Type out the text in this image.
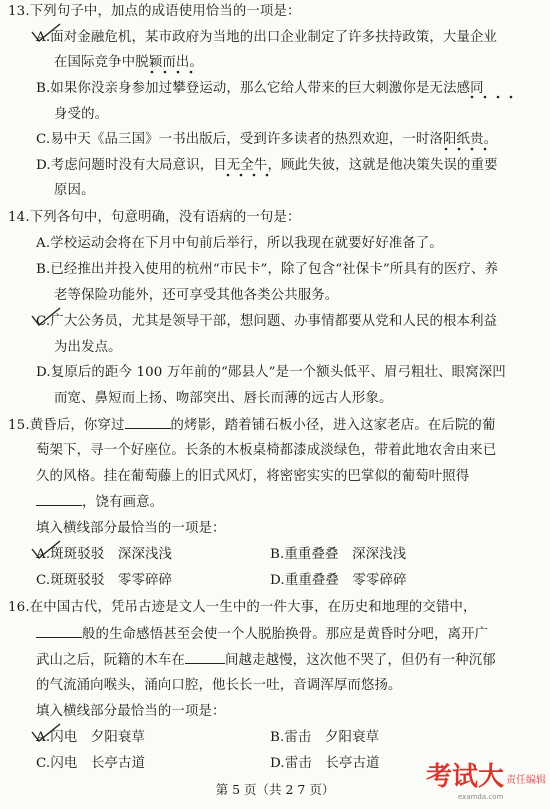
13.下列句子中，加点的成语使用恰当的一项是：
A.面对金融危机，某市政府为当地的出口企业制定了许多扶持政策，大量企业
在国际竞争中脱颖而出。
B.如果你没亲身参加过攀登运动，那么它给人带来的巨大刺激你是无法感同
身受的。
C.易中天《品三国》一书出版后，受到许多读者的热烈欢迎，一时洛阳纸贵。
D.考虑问题时没有大局意识，目无全牛，顾此失彼，这就是他决策失误的重要
原因。
14.下列各句中，句意明确，没有语病的一句是：
A.学校运动会将在下月中旬前后举行，所以我现在就要好好准备了。
B.已经推出并投入使用的杭州“市民卡”，除了包含“社保卡”所具有的医疗、养
老等保险功能外，还可享受其他各类公共服务。
C.广大公务员，尤其是领导干部，想问题、办事情都要从党和人民的根本利益
为出发点。
D.复原后的距今 100 万年前的“郧县人”是一个额头低平、眉弓粗壮、眼窝深凹
而宽、鼻短而上扬、吻部突出、唇长而薄的远古人形象。
15.黄昏后，你穿过	的烤影，踏着铺石板小径，进入这家老店。在后院的葡
萄架下，寻一个好座位。长条的木板桌椅都漆成淡绿色，带着此地农舍由来已
久的风格。挂在葡萄藤上的旧式风灯，将密密实实的巴掌似的葡萄叶照得
，饶有画意。
填入横线部分最恰当的一项是：
A.斑斑驳驳　深深浅浅	B.重重叠叠　深深浅浅
C.斑斑驳驳　零零碎碎	D.重重叠叠　零零碎碎
16.在中国古代，凭吊古迹是文人一生中的一件大事，在历史和地理的交错中，
般的生命感悟甚至会使一个人脱胎换骨。那应是黄昏时分吧，离开广
武山之后，阮籍的木车在	间越走越慢，这次他不哭了，但仍有一种沉郁
的气流涌向喉头，涌向口腔，他长长一吐，音调浑厚而悠扬。
填入横线部分最恰当的一项是：
A.闪电　夕阳衰草	B.雷击　夕阳衰草
C.闪电　长亭古道	D.雷击　长亭古道
第 5 页（共 2 7 页）	考试大 责任编辑
examda.com
